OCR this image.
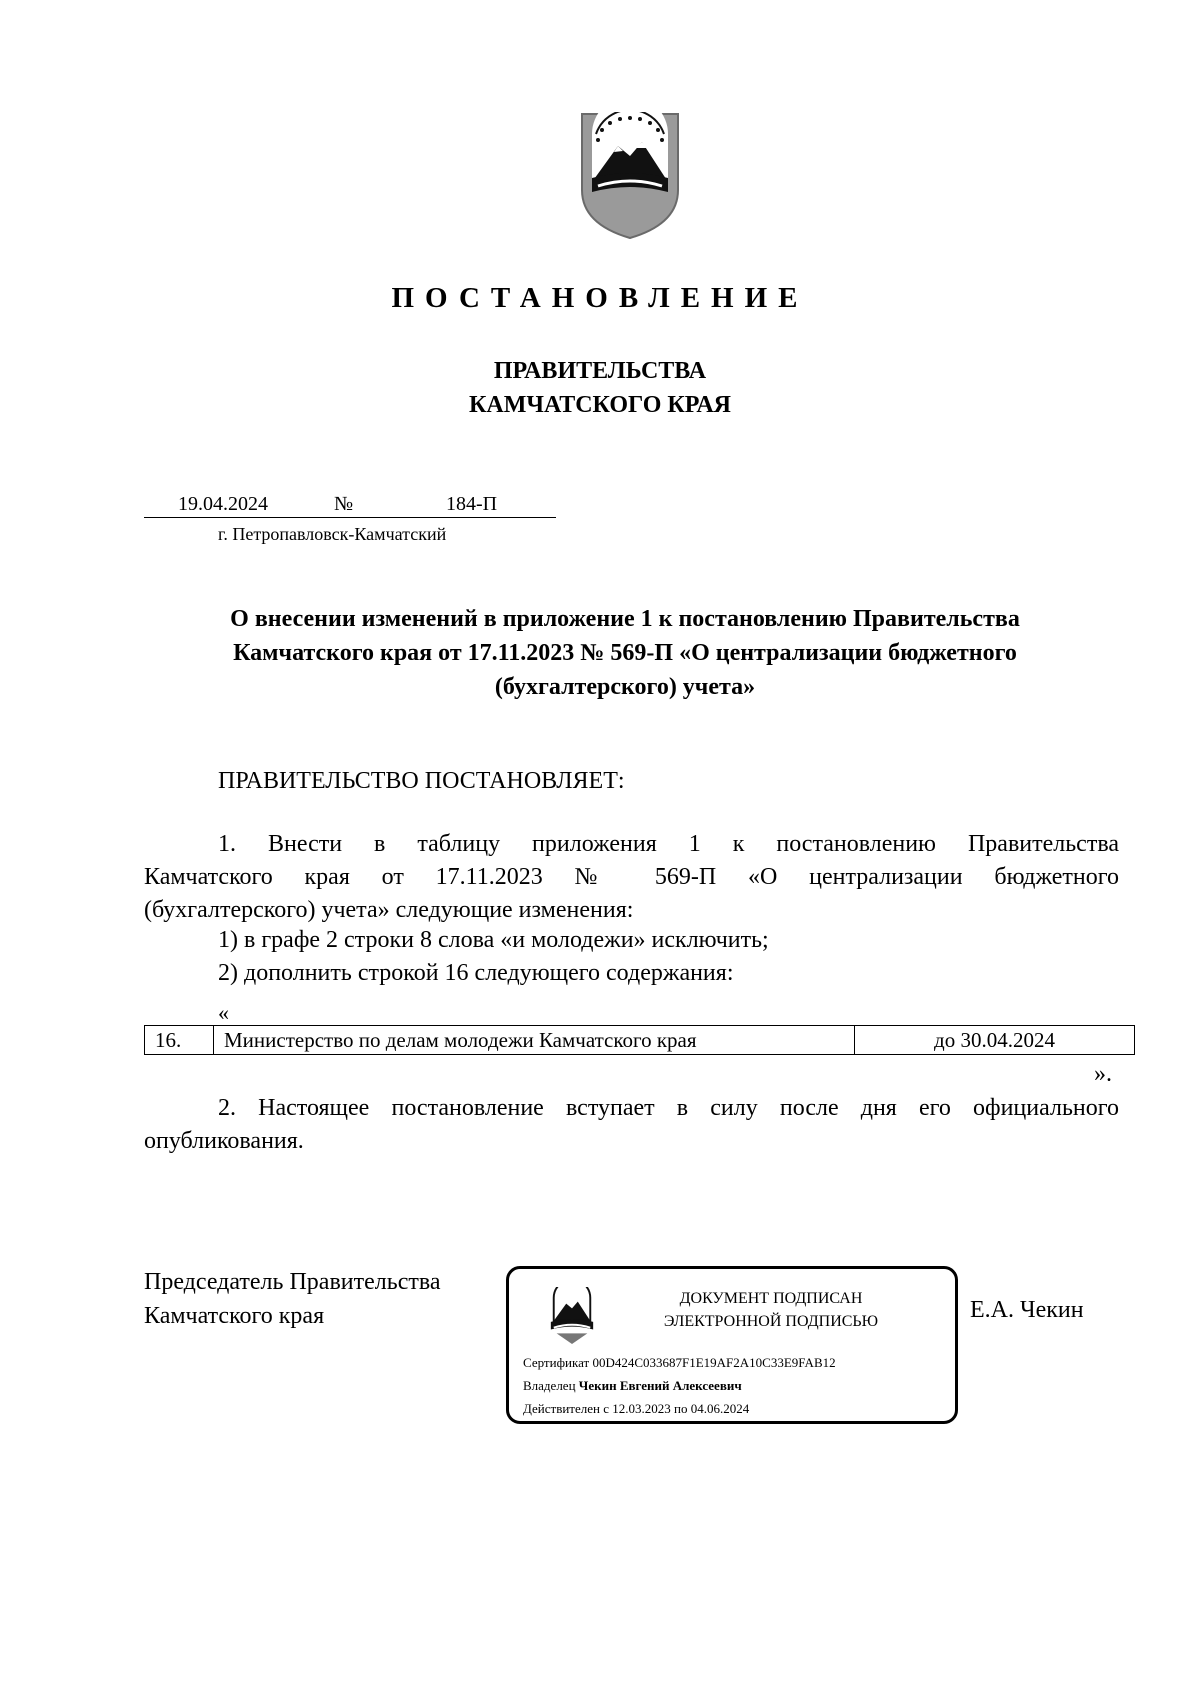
ПОСТАНОВЛЕНИЕ
ПРАВИТЕЛЬСТВА
КАМЧАТСКОГО КРАЯ
19.04.2024	№	184-П
г. Петропавловск-Камчатский
О внесении изменений в приложение 1 к постановлению Правительства
Камчатского края от 17.11.2023 № 569-П «О централизации бюджетного
(бухгалтерского) учета»
ПРАВИТЕЛЬСТВО ПОСТАНОВЛЯЕТ:
1. Внести в таблицу приложения 1 к постановлению Правительства
Камчатского края от 17.11.2023 № 569-П «О централизации бюджетного
(бухгалтерского) учета» следующие изменения:
1) в графе 2 строки 8 слова «и молодежи» исключить;
2) дополнить строкой 16 следующего содержания:
«
16.	Министерство по делам молодежи Камчатского края	до 30.04.2024
».
2. Настоящее постановление вступает в силу после дня его официального опубликования.
Председатель Правительства
Камчатского края	Е.А. Чекин
ДОКУМЕНТ ПОДПИСАН
ЭЛЕКТРОННОЙ ПОДПИСЬЮ
Сертификат 00D424C033687F1E19AF2A10C33E9FAB12
Владелец Чекин Евгений Алексеевич
Действителен с 12.03.2023 по 04.06.2024
